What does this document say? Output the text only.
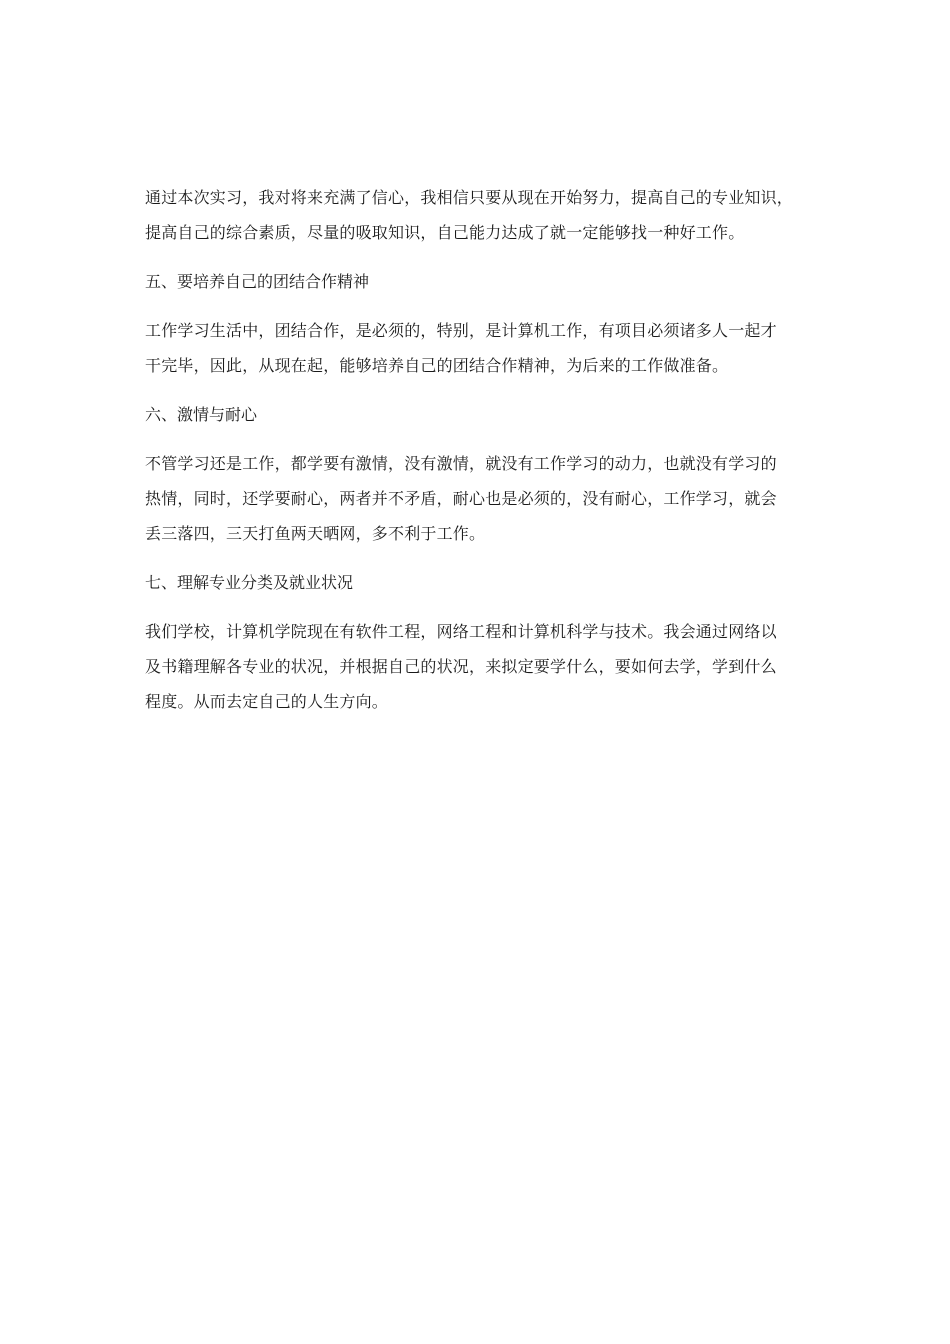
通过本次实习，我对将来充满了信心，我相信只要从现在开始努力，提高自己的专业知识，
提高自己的综合素质，尽量的吸取知识，自己能力达成了就一定能够找一种好工作。
五、要培养自己的团结合作精神
工作学习生活中，团结合作，是必须的，特别，是计算机工作，有项目必须诸多人一起才
干完毕，因此，从现在起，能够培养自己的团结合作精神，为后来的工作做准备。
六、激情与耐心
不管学习还是工作，都学要有激情，没有激情，就没有工作学习的动力，也就没有学习的
热情，同时，还学要耐心，两者并不矛盾，耐心也是必须的，没有耐心，工作学习，就会
丢三落四，三天打鱼两天晒网，多不利于工作。
七、理解专业分类及就业状况
我们学校，计算机学院现在有软件工程，网络工程和计算机科学与技术。我会通过网络以
及书籍理解各专业的状况，并根据自己的状况，来拟定要学什么，要如何去学，学到什么
程度。从而去定自己的人生方向。
